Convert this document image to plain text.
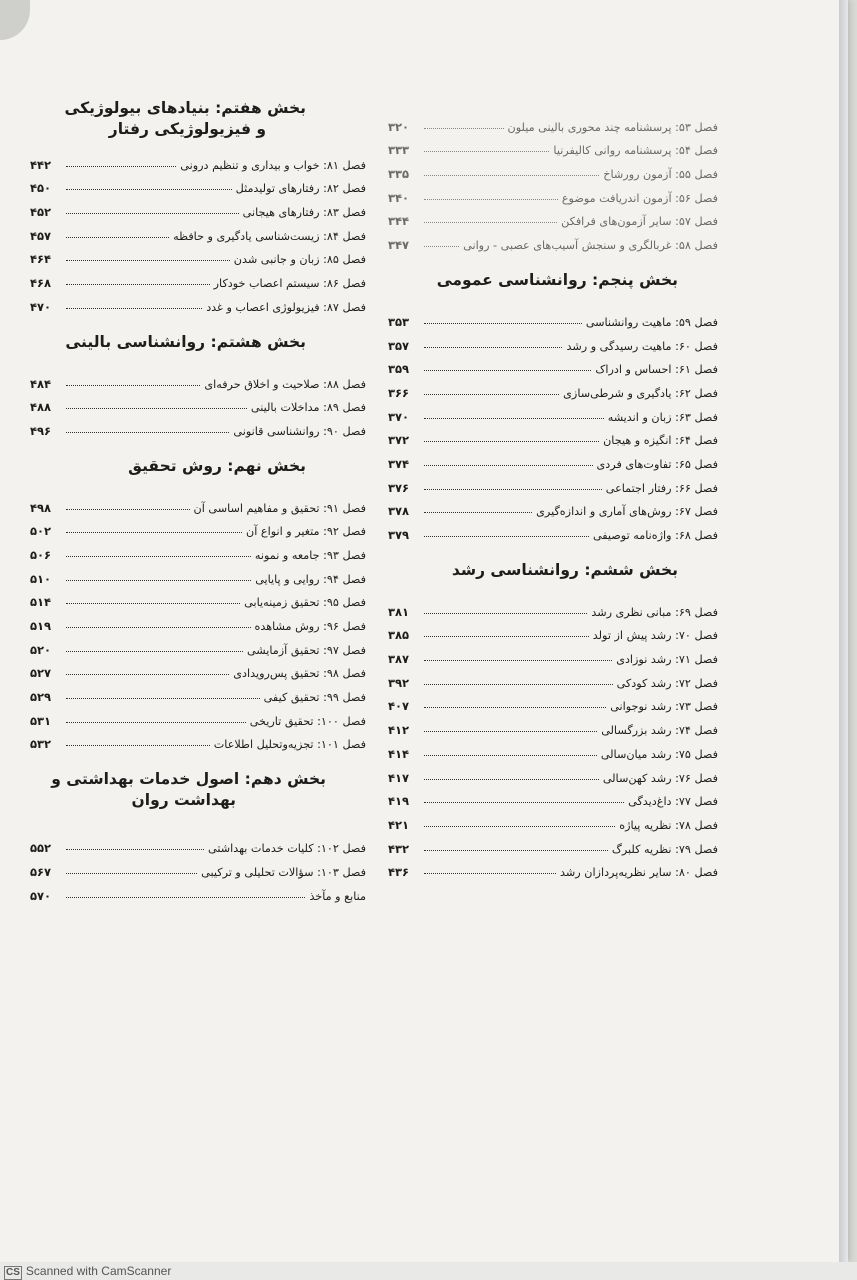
فصل ۵۳: پرسشنامه چند محوری بالینی میلون
۳۲۰
فصل ۵۴: پرسشنامه روانی کالیفرنیا
۳۳۳
فصل ۵۵: آزمون رورشاخ
۳۳۵
فصل ۵۶: آزمون اندریافت موضوع
۳۴۰
فصل ۵۷: سایر آزمون‌های فرافکن
۳۴۴
فصل ۵۸: غربالگری و سنجش آسیب‌های عصبی - روانی
۳۴۷
بخش پنجم: روانشناسی عمومی
فصل ۵۹: ماهیت روانشناسی
۳۵۳
فصل ۶۰: ماهیت رسیدگی و رشد
۳۵۷
فصل ۶۱: احساس و ادراک
۳۵۹
فصل ۶۲: یادگیری و شرطی‌سازی
۳۶۶
فصل ۶۳: زبان و اندیشه
۳۷۰
فصل ۶۴: انگیزه و هیجان
۳۷۲
فصل ۶۵: تفاوت‌های فردی
۳۷۴
فصل ۶۶: رفتار اجتماعی
۳۷۶
فصل ۶۷: روش‌های آماری و اندازه‌گیری
۳۷۸
فصل ۶۸: واژه‌نامه توصیفی
۳۷۹
بخش ششم: روانشناسی رشد
فصل ۶۹: مبانی نظری رشد
۳۸۱
فصل ۷۰: رشد پیش از تولد
۳۸۵
فصل ۷۱: رشد نوزادی
۳۸۷
فصل ۷۲: رشد کودکی
۳۹۲
فصل ۷۳: رشد نوجوانی
۴۰۷
فصل ۷۴: رشد بزرگسالی
۴۱۲
فصل ۷۵: رشد میان‌سالی
۴۱۴
فصل ۷۶: رشد کهن‌سالی
۴۱۷
فصل ۷۷: داغ‌دیدگی
۴۱۹
فصل ۷۸: نظریه پیاژه
۴۲۱
فصل ۷۹: نظریه کلبرگ
۴۳۲
فصل ۸۰: سایر نظریه‌پردازان رشد
۴۳۶
بخش هفتم: بنیادهای بیولوژیکی
و فیزیولوژیکی رفتار
فصل ۸۱: خواب و بیداری و تنظیم درونی
۴۴۲
فصل ۸۲: رفتارهای تولیدمثل
۴۵۰
فصل ۸۳: رفتارهای هیجانی
۴۵۲
فصل ۸۴: زیست‌شناسی یادگیری و حافظه
۴۵۷
فصل ۸۵: زبان و جانبی شدن
۴۶۴
فصل ۸۶: سیستم اعصاب خودکار
۴۶۸
فصل ۸۷: فیزیولوژی اعصاب و غدد
۴۷۰
بخش هشتم: روانشناسی بالینی
فصل ۸۸: صلاحیت و اخلاق حرفه‌ای
۴۸۴
فصل ۸۹: مداخلات بالینی
۴۸۸
فصل ۹۰: روانشناسی قانونی
۴۹۶
بخش نهم: روش تحقیق
فصل ۹۱: تحقیق و مفاهیم اساسی آن
۴۹۸
فصل ۹۲: متغیر و انواع آن
۵۰۲
فصل ۹۳: جامعه و نمونه
۵۰۶
فصل ۹۴: روایی و پایایی
۵۱۰
فصل ۹۵: تحقیق زمینه‌یابی
۵۱۴
فصل ۹۶: روش مشاهده
۵۱۹
فصل ۹۷: تحقیق آزمایشی
۵۲۰
فصل ۹۸: تحقیق پس‌رویدادی
۵۲۷
فصل ۹۹: تحقیق کیفی
۵۲۹
فصل ۱۰۰: تحقیق تاریخی
۵۳۱
فصل ۱۰۱: تجزیه‌وتحلیل اطلاعات
۵۳۲
بخش دهم: اصول خدمات بهداشتی و
بهداشت روان
فصل ۱۰۲: کلیات خدمات بهداشتی
۵۵۲
فصل ۱۰۳: سؤالات تحلیلی و ترکیبی
۵۶۷
منابع و مآخذ
۵۷۰
CS Scanned with CamScanner
